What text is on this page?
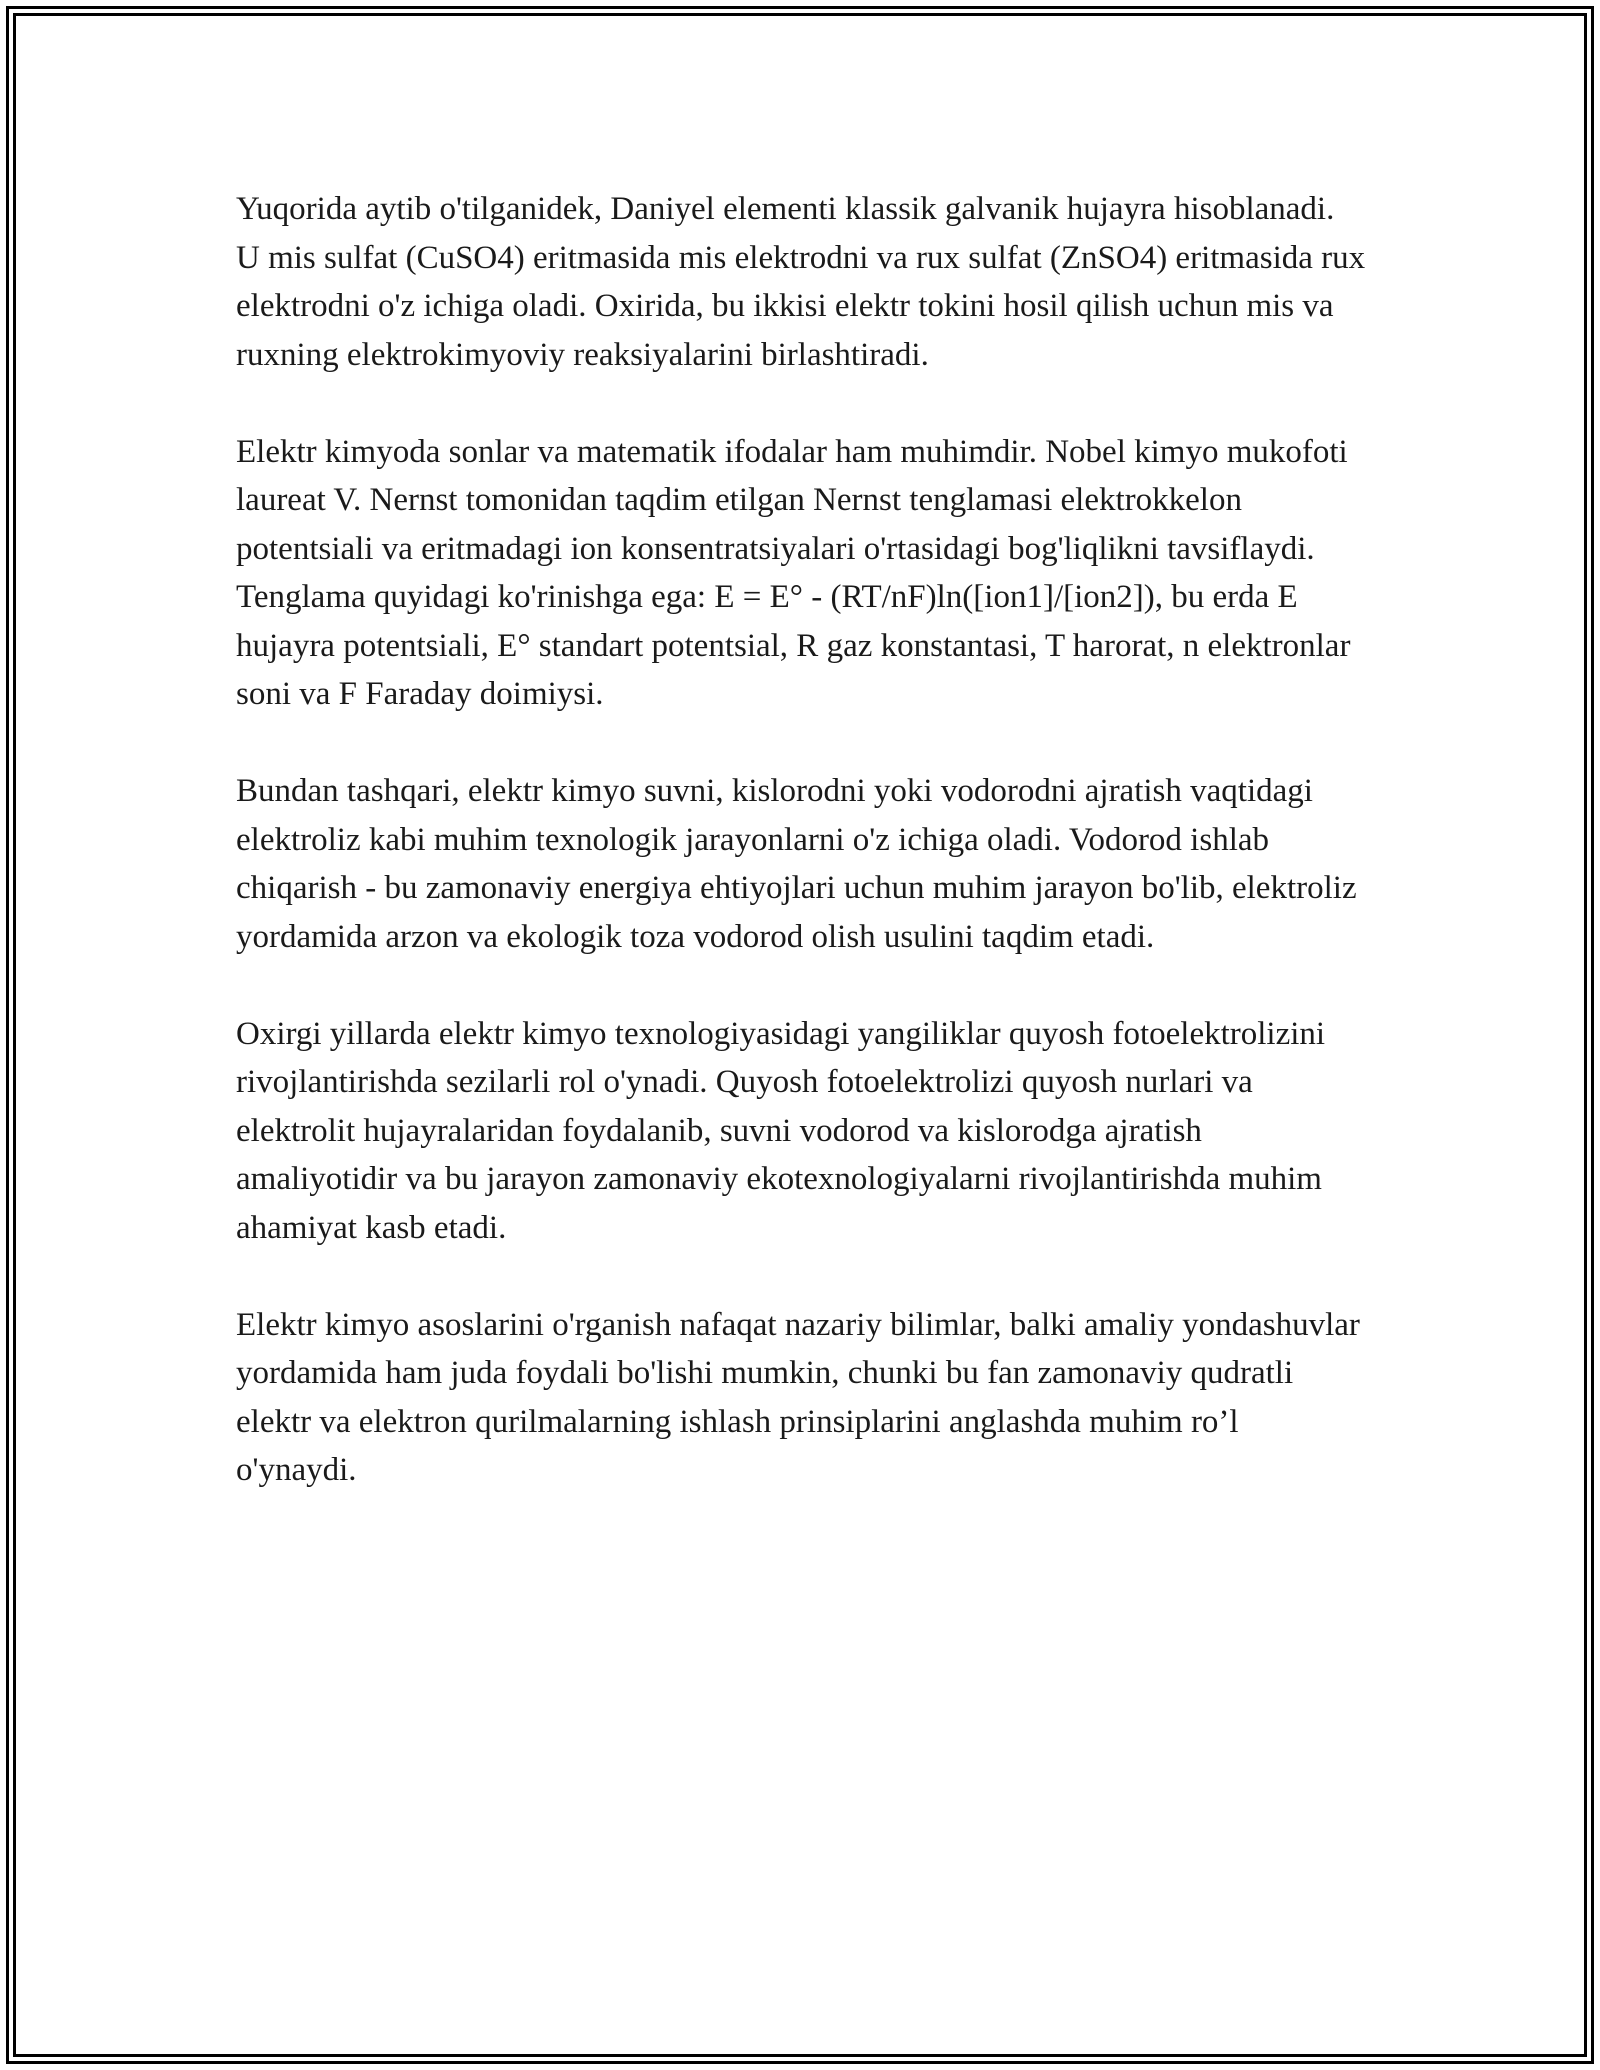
Yuqorida aytib o'tilganidek, Daniyel elementi klassik galvanik hujayra hisoblanadi. U mis sulfat (CuSO4) eritmasida mis elektrodni va rux sulfat (ZnSO4) eritmasida rux elektrodni o'z ichiga oladi. Oxirida, bu ikkisi elektr tokini hosil qilish uchun mis va ruxning elektrokimyoviy reaksiyalarini birlashtiradi.

Elektr kimyoda sonlar va matematik ifodalar ham muhimdir. Nobel kimyo mukofoti laureat V. Nernst tomonidan taqdim etilgan Nernst tenglamasi elektrokkelon potentsiali va eritmadagi ion konsentratsiyalari o'rtasidagi bog'liqlikni tavsiflaydi. Tenglama quyidagi ko'rinishga ega: E = E° - (RT/nF)ln([ion1]/[ion2]), bu erda E hujayra potentsiali, E° standart potentsial, R gaz konstantasi, T harorat, n elektronlar soni va F Faraday doimiysi.

Bundan tashqari, elektr kimyo suvni, kislorodni yoki vodorodni ajratish vaqtidagi elektroliz kabi muhim texnologik jarayonlarni o'z ichiga oladi. Vodorod ishlab chiqarish - bu zamonaviy energiya ehtiyojlari uchun muhim jarayon bo'lib, elektroliz yordamida arzon va ekologik toza vodorod olish usulini taqdim etadi.

Oxirgi yillarda elektr kimyo texnologiyasidagi yangiliklar quyosh fotoelektrolizini rivojlantirishda sezilarli rol o'ynadi. Quyosh fotoelektrolizi quyosh nurlari va elektrolit hujayralaridan foydalanib, suvni vodorod va kislorodga ajratish amaliyotidir va bu jarayon zamonaviy ekotexnologiyalarni rivojlantirishda muhim ahamiyat kasb etadi.

Elektr kimyo asoslarini o'rganish nafaqat nazariy bilimlar, balki amaliy yondashuvlar yordamida ham juda foydali bo'lishi mumkin, chunki bu fan zamonaviy qudratli elektr va elektron qurilmalarning ishlash prinsiplarini anglashda muhim ro’l o'ynaydi.
